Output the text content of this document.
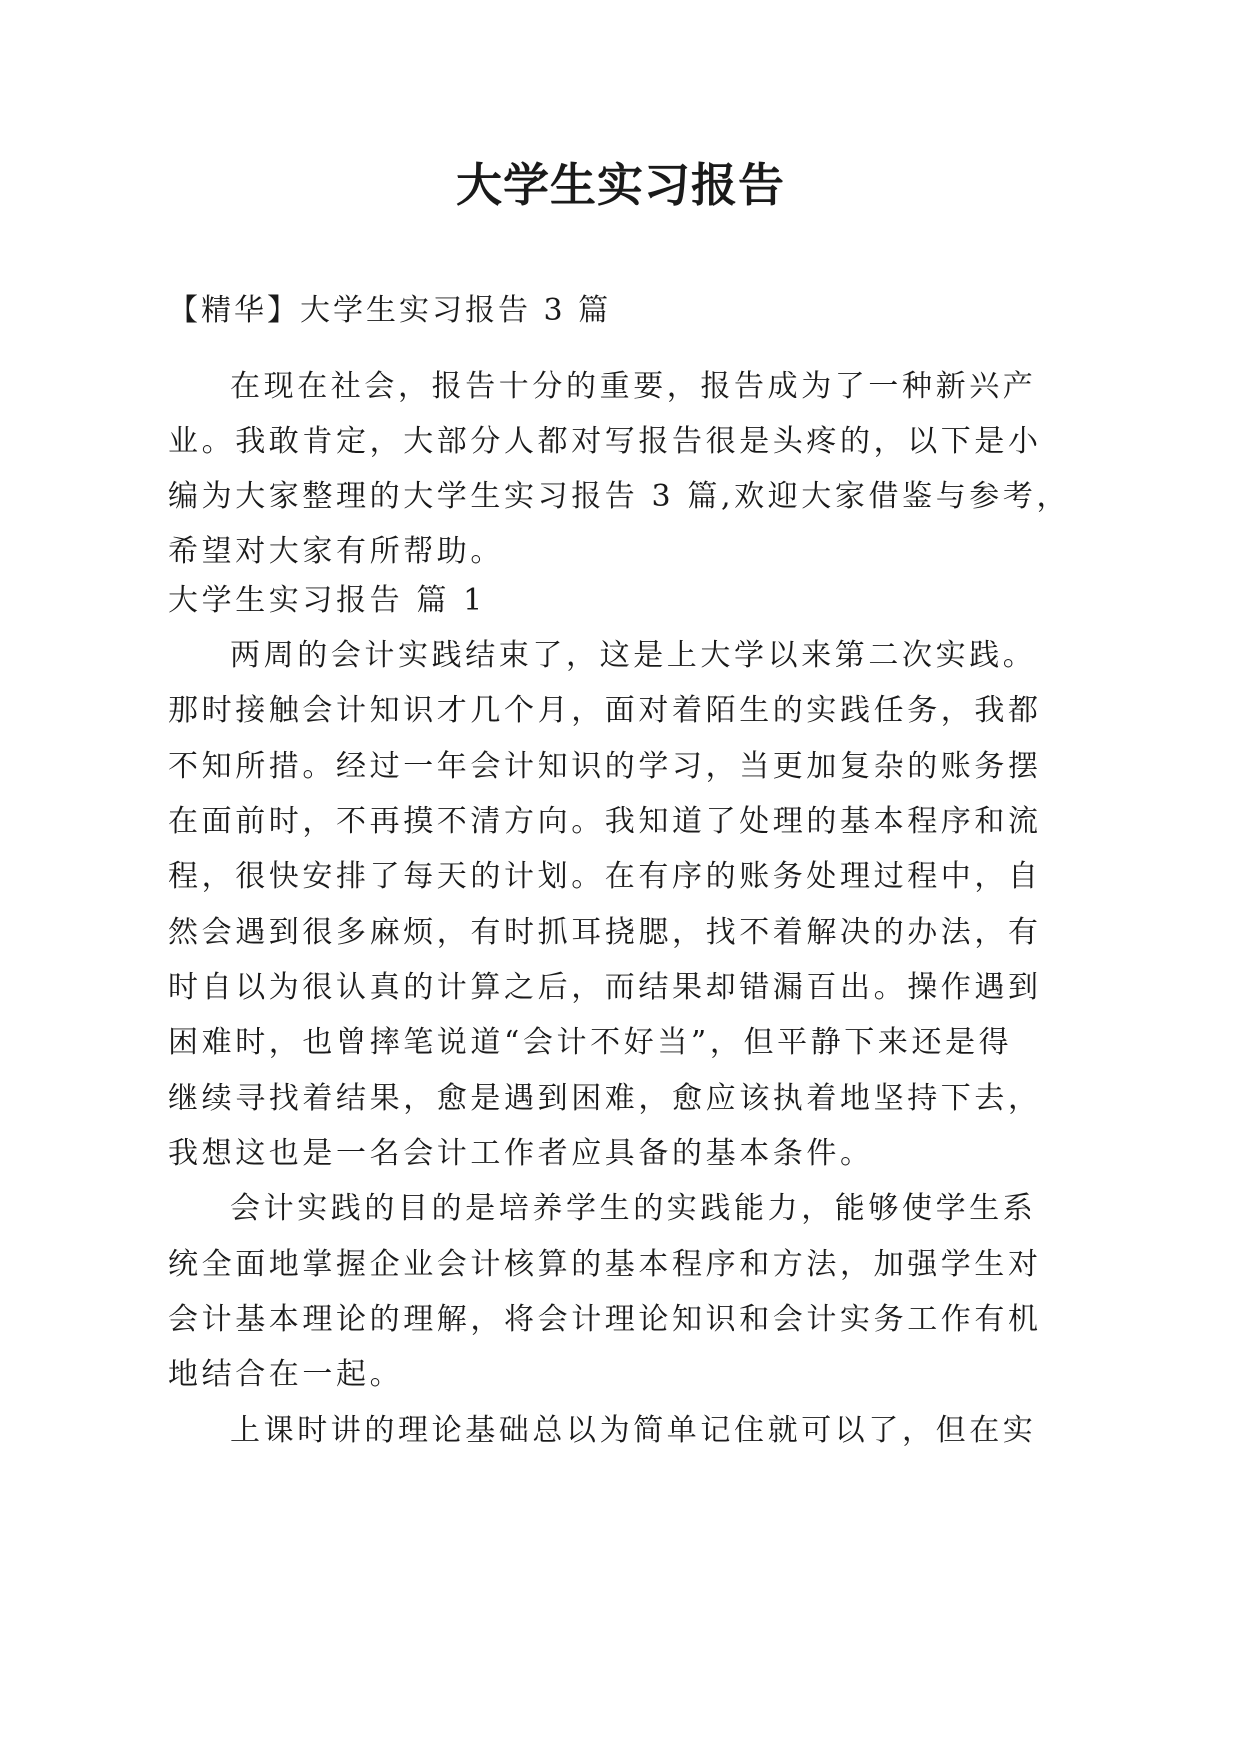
大学生实习报告
【精华】大学生实习报告 3 篇
在现在社会，报告十分的重要，报告成为了一种新兴产
业。我敢肯定，大部分人都对写报告很是头疼的，以下是小
编为大家整理的大学生实习报告 3 篇,欢迎大家借鉴与参考，
希望对大家有所帮助。
大学生实习报告 篇 1
两周的会计实践结束了，这是上大学以来第二次实践。
那时接触会计知识才几个月，面对着陌生的实践任务，我都
不知所措。经过一年会计知识的学习，当更加复杂的账务摆
在面前时，不再摸不清方向。我知道了处理的基本程序和流
程，很快安排了每天的计划。在有序的账务处理过程中，自
然会遇到很多麻烦，有时抓耳挠腮，找不着解决的办法，有
时自以为很认真的计算之后，而结果却错漏百出。操作遇到
困难时，也曾摔笔说道“会计不好当”，但平静下来还是得
继续寻找着结果，愈是遇到困难，愈应该执着地坚持下去，
我想这也是一名会计工作者应具备的基本条件。
会计实践的目的是培养学生的实践能力，能够使学生系
统全面地掌握企业会计核算的基本程序和方法，加强学生对
会计基本理论的理解，将会计理论知识和会计实务工作有机
地结合在一起。
上课时讲的理论基础总以为简单记住就可以了，但在实
